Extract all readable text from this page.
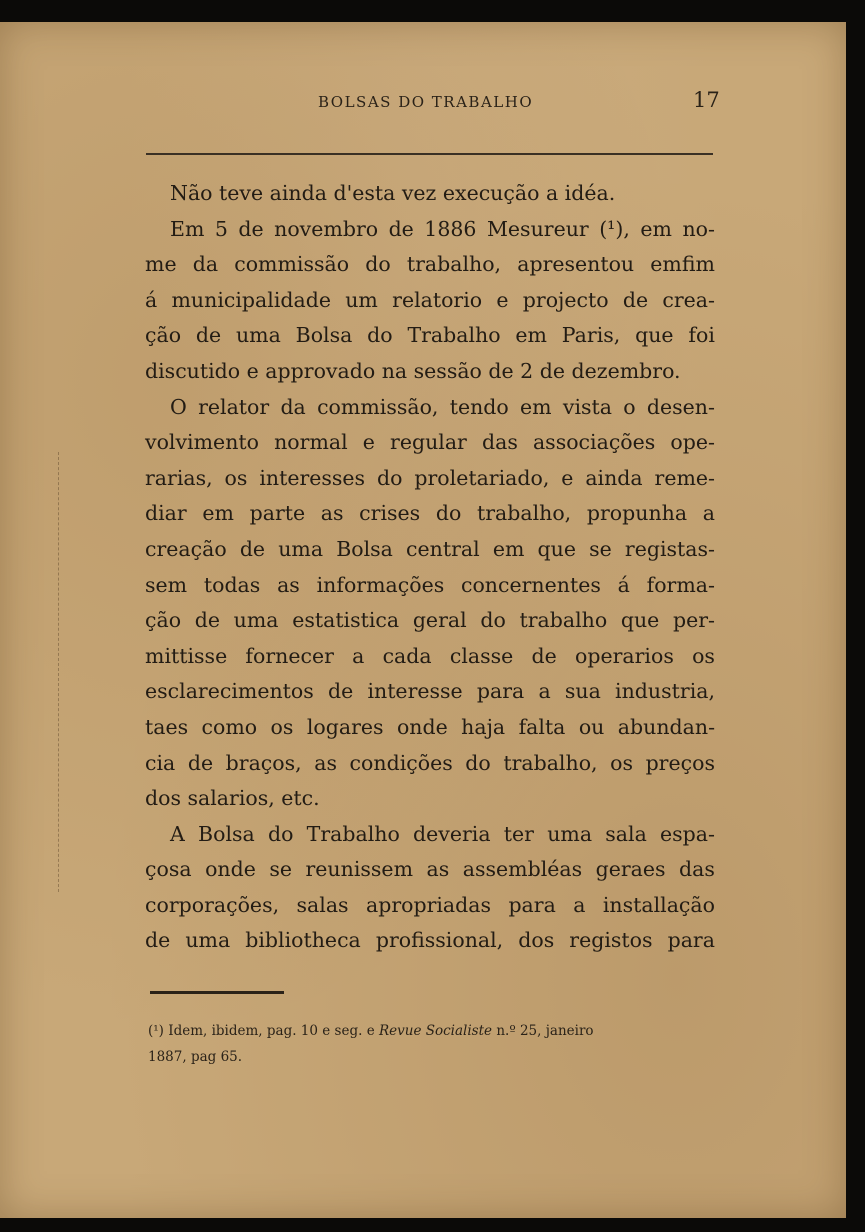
BOLSAS DO TRABALHO	17
Não teve ainda d'esta vez execução a idéa.
Em 5 de novembro de 1886 Mesureur (¹), em no-
me da commissão do trabalho, apresentou emfim
á municipalidade um relatorio e projecto de crea-
ção de uma Bolsa do Trabalho em Paris, que foi
discutido e approvado na sessão de 2 de dezembro.
O relator da commissão, tendo em vista o desen-
volvimento normal e regular das associações ope-
rarias, os interesses do proletariado, e ainda reme-
diar em parte as crises do trabalho, propunha a
creação de uma Bolsa central em que se registas-
sem todas as informações concernentes á forma-
ção de uma estatistica geral do trabalho que per-
mittisse fornecer a cada classe de operarios os
esclarecimentos de interesse para a sua industria,
taes como os logares onde haja falta ou abundan-
cia de braços, as condições do trabalho, os preços
dos salarios, etc.
A Bolsa do Trabalho deveria ter uma sala espa-
çosa onde se reunissem as assembléas geraes das
corporações, salas apropriadas para a installação
de uma bibliotheca profissional, dos registos para
(¹) Idem, ibidem, pag. 10 e seg. e Revue Socialiste n.º 25, janeiro
1887, pag 65.
